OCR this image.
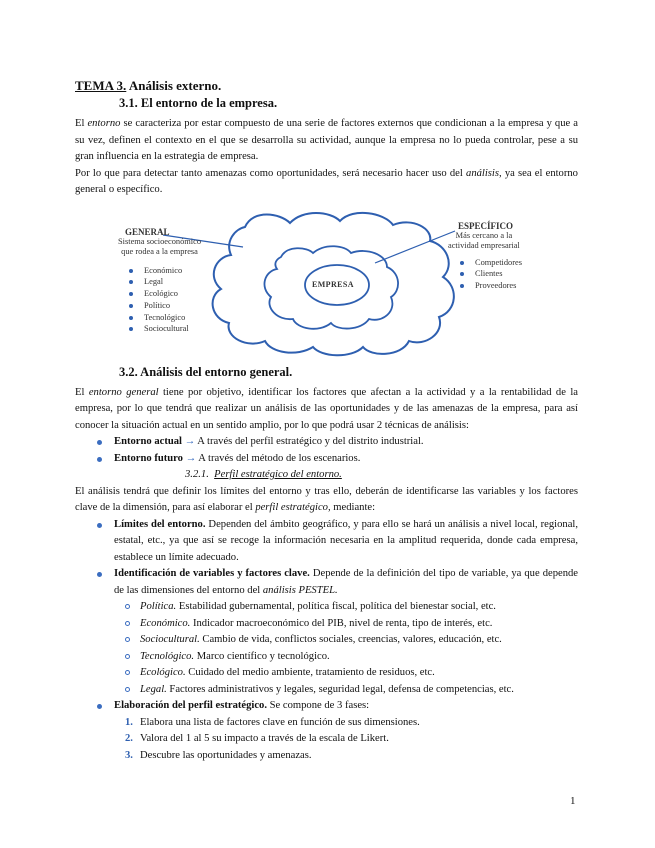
TEMA 3. Análisis externo.
3.1. El entorno de la empresa.

El entorno se caracteriza por estar compuesto de una serie de factores externos que condicionan a la empresa y que a su vez, definen el contexto en el que se desarrolla su actividad, aunque la empresa no lo pueda controlar, pese a su gran influencia en la estrategia de empresa.

Por lo que para detectar tanto amenazas como oportunidades, será necesario hacer uso del análisis, ya sea el entorno general o específico.

GENERAL
Sistema socioeconómico
que rodea a la empresa
Económico
Legal
Ecológico
Político
Tecnológico
Sociocultural
ESPECÍFICO
Más cercano a la
actividad empresarial
Competidores
Clientes
Proveedores
EMPRESA
3.2. Análisis del entorno general.

El entorno general tiene por objetivo, identificar los factores que afectan a la actividad y a la rentabilidad de la empresa, por lo que tendrá que realizar un análisis de las oportunidades y de las amenazas de la empresa, para así conocer la situación actual en un sentido amplio, por lo que podrá usar 2 técnicas de análisis:

Entorno actual → A través del perfil estratégico y del distrito industrial.
Entorno futuro → A través del método de los escenarios.
3.2.1. Perfil estratégico del entorno.

El análisis tendrá que definir los límites del entorno y tras ello, deberán de identificarse las variables y los factores clave de la dimensión, para así elaborar el perfil estratégico, mediante:

Límites del entorno. Dependen del ámbito geográfico, y para ello se hará un análisis a nivel local, regional, estatal, etc., ya que así se recoge la información necesaria en la amplitud requerida, donde cada empresa, establece un límite adecuado.
Identificación de variables y factores clave. Depende de la definición del tipo de variable, ya que depende de las dimensiones del entorno del análisis PESTEL.
Política. Estabilidad gubernamental, política fiscal, política del bienestar social, etc.
Económico. Indicador macroeconómico del PIB, nivel de renta, tipo de interés, etc.
Sociocultural. Cambio de vida, conflictos sociales, creencias, valores, educación, etc.
Tecnológico. Marco científico y tecnológico.
Ecológico. Cuidado del medio ambiente, tratamiento de residuos, etc.
Legal. Factores administrativos y legales, seguridad legal, defensa de competencias, etc.
Elaboración del perfil estratégico. Se compone de 3 fases:
1. Elabora una lista de factores clave en función de sus dimensiones.
2. Valora del 1 al 5 su impacto a través de la escala de Likert.
3. Descubre las oportunidades y amenazas.
1
